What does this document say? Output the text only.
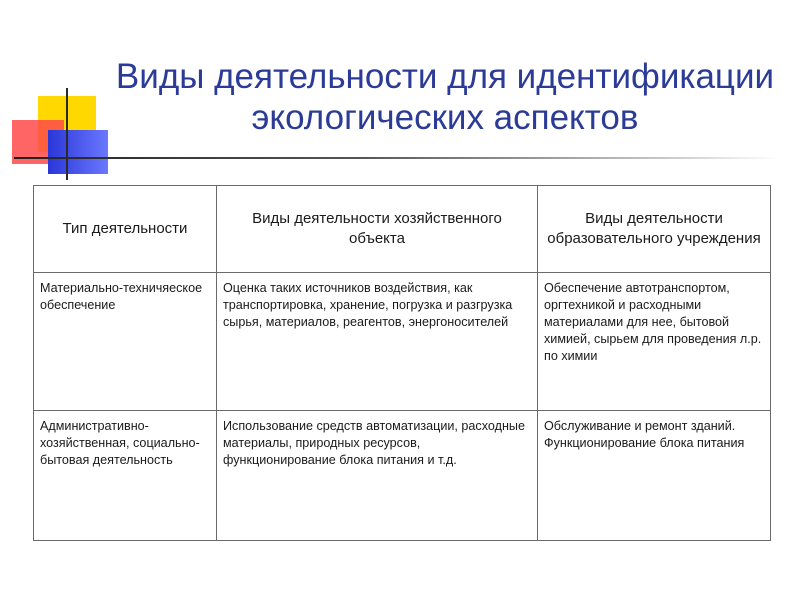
Виды деятельности для идентификации
экологических аспектов
Тип деятельности	Виды деятельности хозяйственного объекта	Виды деятельности образовательного учреждения
Материально-техничяеское обеспечение	Оценка таких источников воздействия, как транспортировка, хранение, погрузка и разгрузка сырья, материалов, реагентов, энергоносителей	Обеспечение автотранспортом, оргтехникой и расходными материалами для нее, бытовой химией, сырьем для проведения л.р. по химии
Административно-хозяйственная, социально-бытовая деятельность	Использование средств автоматизации, расходные материалы, природных ресурсов, функционирование блока питания и т.д.	Обслуживание и ремонт зданий. Функционирование блока питания
